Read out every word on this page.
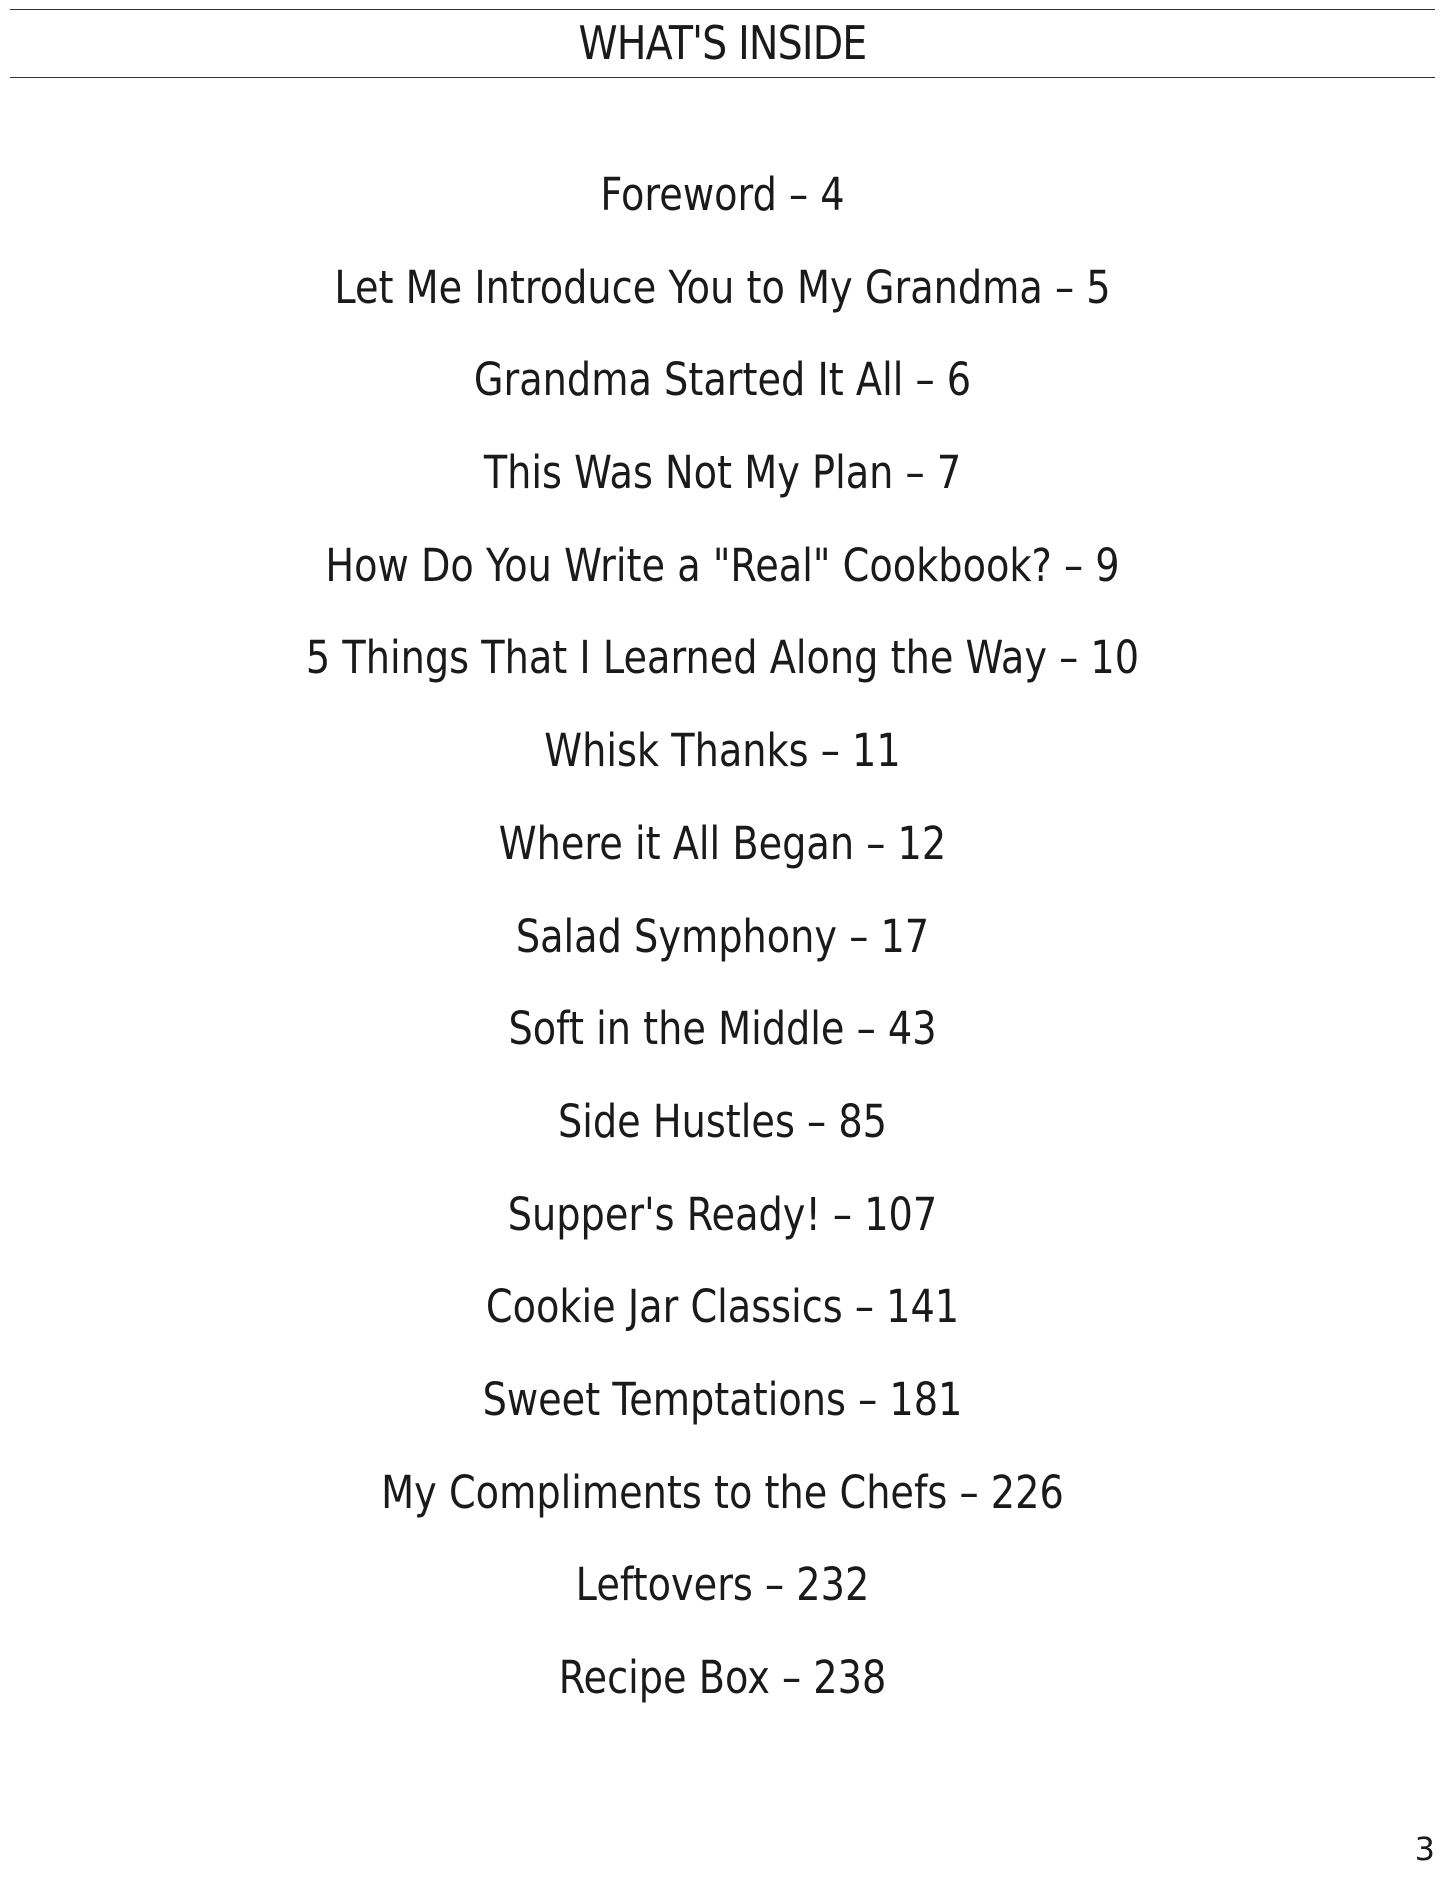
WHAT'S INSIDE
Foreword – 4
Let Me Introduce You to My Grandma – 5
Grandma Started It All – 6
This Was Not My Plan – 7
How Do You Write a "Real" Cookbook? – 9
5 Things That I Learned Along the Way – 10
Whisk Thanks – 11
Where it All Began – 12
Salad Symphony – 17
Soft in the Middle – 43
Side Hustles – 85
Supper's Ready! – 107
Cookie Jar Classics – 141
Sweet Temptations – 181
My Compliments to the Chefs – 226
Leftovers – 232
Recipe Box – 238
3
